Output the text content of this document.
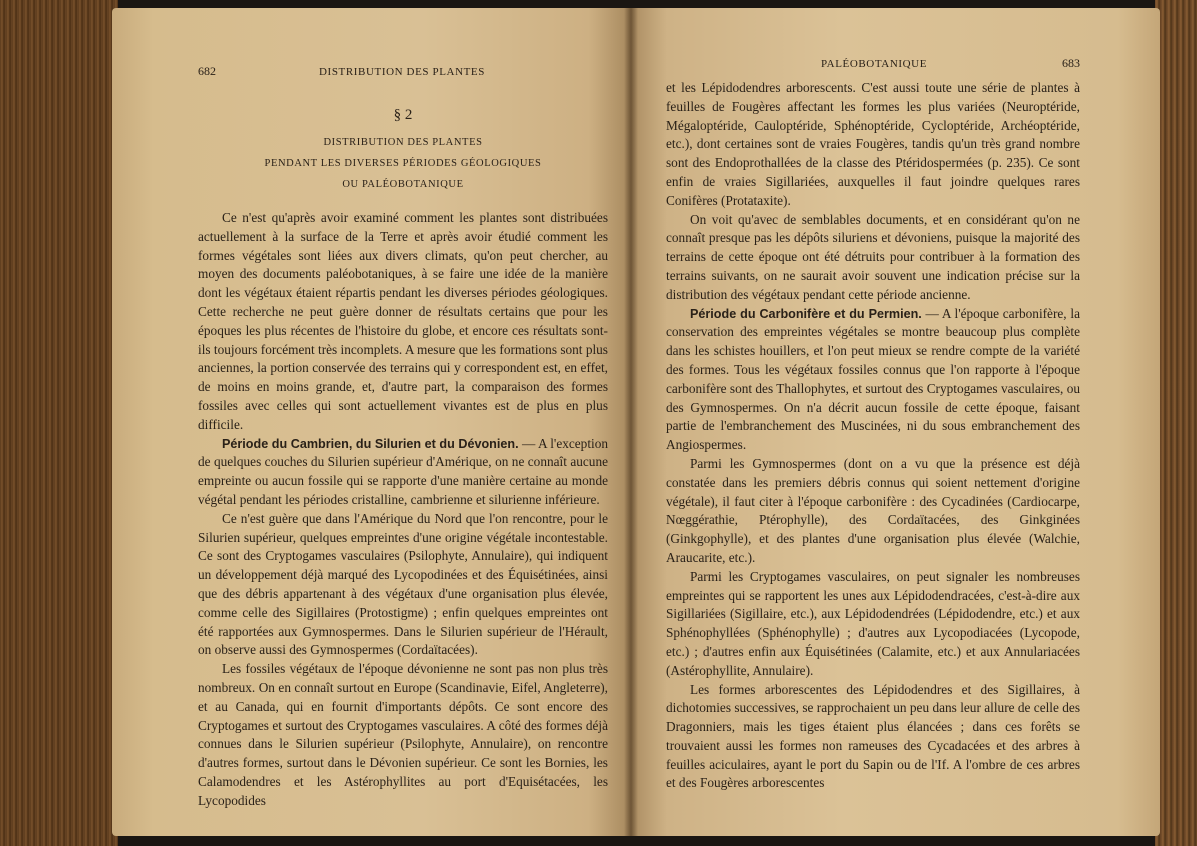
682	DISTRIBUTION DES PLANTES
§ 2
DISTRIBUTION DES PLANTES
PENDANT LES DIVERSES PÉRIODES GÉOLOGIQUES
OU PALÉOBOTANIQUE

Ce n'est qu'après avoir examiné comment les plantes sont distribuées actuellement à la surface de la Terre et après avoir étudié comment les formes végétales sont liées aux divers climats, qu'on peut chercher, au moyen des documents paléobotaniques, à se faire une idée de la manière dont les végétaux étaient répartis pendant les diverses périodes géologiques. Cette recherche ne peut guère donner de résultats certains que pour les époques les plus récentes de l'histoire du globe, et encore ces résultats sont-ils toujours forcément très incomplets. A mesure que les formations sont plus anciennes, la portion conservée des terrains qui y correspondent est, en effet, de moins en moins grande, et, d'autre part, la comparaison des formes fossiles avec celles qui sont actuellement vivantes est de plus en plus difficile.

Période du Cambrien, du Silurien et du Dévonien. — A l'exception de quelques couches du Silurien supérieur d'Amérique, on ne connaît aucune empreinte ou aucun fossile qui se rapporte d'une manière certaine au monde végétal pendant les périodes cristalline, cambrienne et silurienne inférieure.

Ce n'est guère que dans l'Amérique du Nord que l'on rencontre, pour le Silurien supérieur, quelques empreintes d'une origine végétale incontestable. Ce sont des Cryptogames vasculaires (Psilophyte, Annulaire), qui indiquent un développement déjà marqué des Lycopodinées et des Équisétinées, ainsi que des débris appartenant à des végétaux d'une organisation plus élevée, comme celle des Sigillaires (Protostigme) ; enfin quelques empreintes ont été rapportées aux Gymnospermes. Dans le Silurien supérieur de l'Hérault, on observe aussi des Gymnospermes (Cordaïtacées).

Les fossiles végétaux de l'époque dévonienne ne sont pas non plus très nombreux. On en connaît surtout en Europe (Scandinavie, Eifel, Angleterre), et au Canada, qui en fournit d'importants dépôts. Ce sont encore des Cryptogames et surtout des Cryptogames vasculaires. A côté des formes déjà connues dans le Silurien supérieur (Psilophyte, Annulaire), on rencontre d'autres formes, surtout dans le Dévonien supérieur. Ce sont les Bornies, les Calamodendres et les Astérophyllites au port d'Equisétacées, les Lycopodides

PALÉOBOTANIQUE	683

et les Lépidodendres arborescents. C'est aussi toute une série de plantes à feuilles de Fougères affectant les formes les plus variées (Neuroptéride, Mégaloptéride, Cauloptéride, Sphénoptéride, Cycloptéride, Archéoptéride, etc.), dont certaines sont de vraies Fougères, tandis qu'un très grand nombre sont des Endoprothallées de la classe des Ptéridospermées (p. 235). Ce sont enfin de vraies Sigillariées, auxquelles il faut joindre quelques rares Conifères (Protataxite).

On voit qu'avec de semblables documents, et en considérant qu'on ne connaît presque pas les dépôts siluriens et dévoniens, puisque la majorité des terrains de cette époque ont été détruits pour contribuer à la formation des terrains suivants, on ne saurait avoir souvent une indication précise sur la distribution des végétaux pendant cette période ancienne.

Période du Carbonifère et du Permien. — A l'époque carbonifère, la conservation des empreintes végétales se montre beaucoup plus complète dans les schistes houillers, et l'on peut mieux se rendre compte de la variété des formes. Tous les végétaux fossiles connus que l'on rapporte à l'époque carbonifère sont des Thallophytes, et surtout des Cryptogames vasculaires, ou des Gymnospermes. On n'a décrit aucun fossile de cette époque, faisant partie de l'embranchement des Muscinées, ni du sous embranchement des Angiospermes.

Parmi les Gymnospermes (dont on a vu que la présence est déjà constatée dans les premiers débris connus qui soient nettement d'origine végétale), il faut citer à l'époque carbonifère : des Cycadinées (Cardiocarpe, Nœggérathie, Ptérophylle), des Cordaïtacées, des Ginkginées (Ginkgophylle), et des plantes d'une organisation plus élevée (Walchie, Araucarite, etc.).

Parmi les Cryptogames vasculaires, on peut signaler les nombreuses empreintes qui se rapportent les unes aux Lépidodendracées, c'est-à-dire aux Sigillariées (Sigillaire, etc.), aux Lépidodendrées (Lépidodendre, etc.) et aux Sphénophyllées (Sphénophylle) ; d'autres aux Lycopodiacées (Lycopode, etc.) ; d'autres enfin aux Équisétinées (Calamite, etc.) et aux Annulariacées (Astérophyllite, Annulaire).

Les formes arborescentes des Lépidodendres et des Sigillaires, à dichotomies successives, se rapprochaient un peu dans leur allure de celle des Dragonniers, mais les tiges étaient plus élancées ; dans ces forêts se trouvaient aussi les formes non rameuses des Cycadacées et des arbres à feuilles aciculaires, ayant le port du Sapin ou de l'If. A l'ombre de ces arbres et des Fougères arborescentes
